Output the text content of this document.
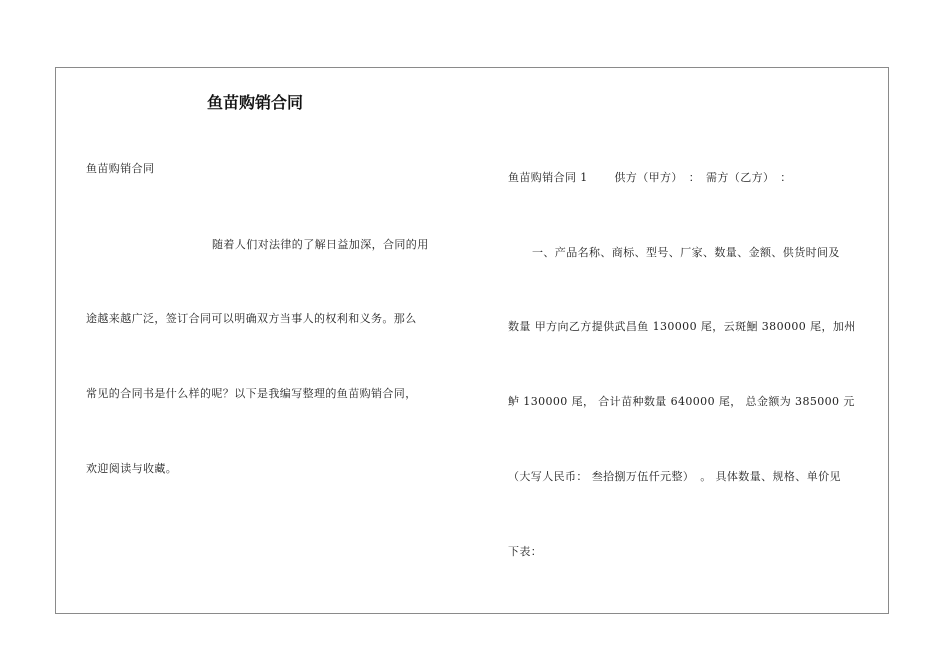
鱼苗购销合同
鱼苗购销合同
随着人们对法律的了解日益加深，合同的用
途越来越广泛，签订合同可以明确双方当事人的权利和义务。那么
常见的合同书是什么样的呢？以下是我编写整理的鱼苗购销合同，
欢迎阅读与收藏。
鱼苗购销合同 1 　　供方（甲方）　：　需方（乙方）　：
一、产品名称、商标、型号、厂家、数量、金额、供货时间及
数量 甲方向乙方提供武昌鱼 130000 尾，云斑鮰 380000 尾，加州
鲈 130000 尾， 合计苗种数量 640000 尾， 总金额为 385000 元
（大写人民币： 叁拾捌万伍仟元整）　。 具体数量、规格、单价见
下表：
